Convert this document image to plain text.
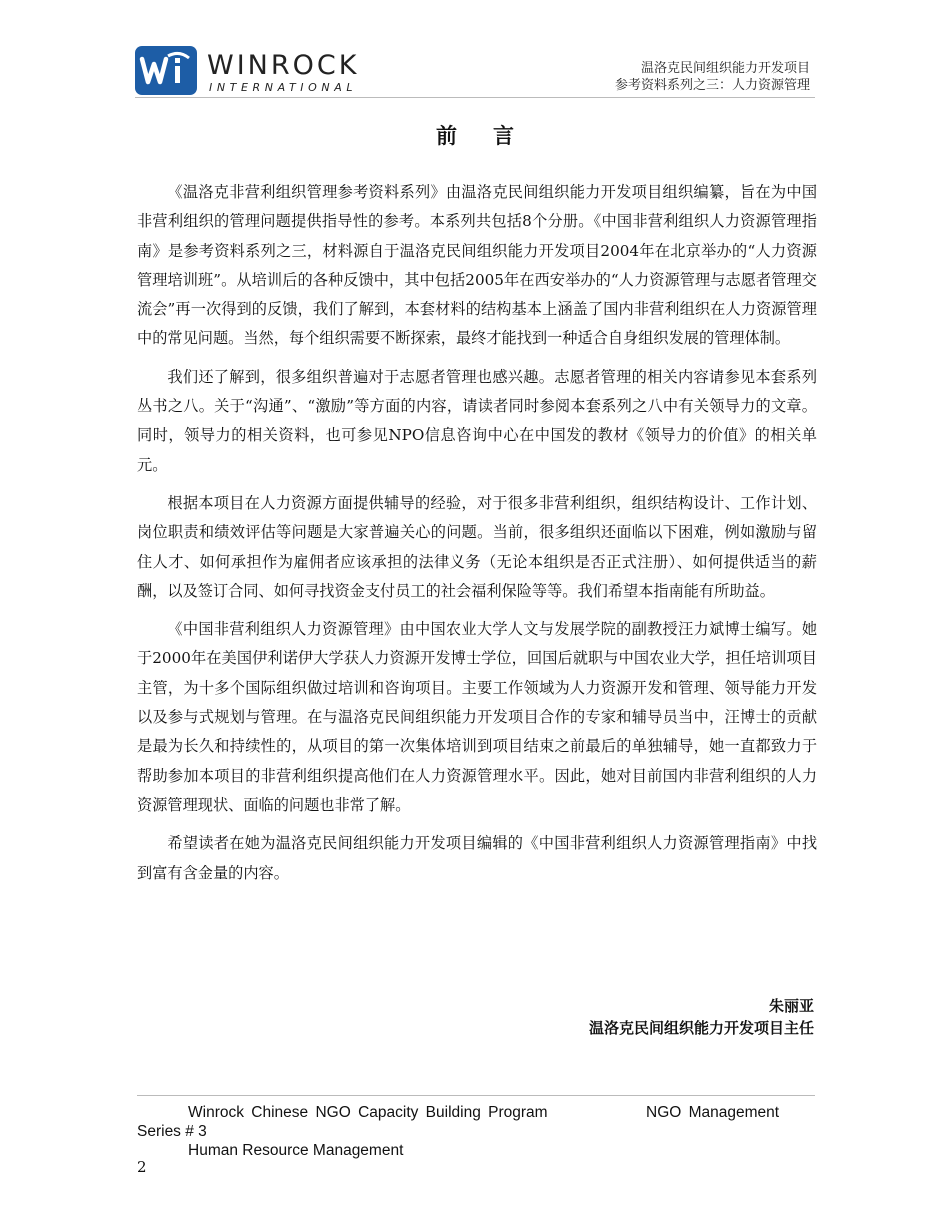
WINROCK
INTERNATIONAL
温洛克民间组织能力开发项目
参考资料系列之三：人力资源管理
前言

《温洛克非营利组织管理参考资料系列》由温洛克民间组织能力开发项目组织编纂，旨在为中国非营利组织的管理问题提供指导性的参考。本系列共包括8个分册。《中国非营利组织人力资源管理指南》是参考资料系列之三，材料源自于温洛克民间组织能力开发项目2004年在北京举办的“人力资源管理培训班”。从培训后的各种反馈中，其中包括2005年在西安举办的“人力资源管理与志愿者管理交流会”再一次得到的反馈，我们了解到，本套材料的结构基本上涵盖了国内非营利组织在人力资源管理中的常见问题。当然，每个组织需要不断探索，最终才能找到一种适合自身组织发展的管理体制。

我们还了解到，很多组织普遍对于志愿者管理也感兴趣。志愿者管理的相关内容请参见本套系列丛书之八。关于“沟通”、“激励”等方面的内容，请读者同时参阅本套系列之八中有关领导力的文章。同时，领导力的相关资料，也可参见NPO信息咨询中心在中国发的教材《领导力的价值》的相关单元。

根据本项目在人力资源方面提供辅导的经验，对于很多非营利组织，组织结构设计、工作计划、岗位职责和绩效评估等问题是大家普遍关心的问题。当前，很多组织还面临以下困难，例如激励与留住人才、如何承担作为雇佣者应该承担的法律义务（无论本组织是否正式注册）、如何提供适当的薪酬，以及签订合同、如何寻找资金支付员工的社会福利保险等等。我们希望本指南能有所助益。

《中国非营利组织人力资源管理》由中国农业大学人文与发展学院的副教授汪力斌博士编写。她于2000年在美国伊利诺伊大学获人力资源开发博士学位，回国后就职与中国农业大学，担任培训项目主管，为十多个国际组织做过培训和咨询项目。主要工作领域为人力资源开发和管理、领导能力开发以及参与式规划与管理。在与温洛克民间组织能力开发项目合作的专家和辅导员当中，汪博士的贡献是最为长久和持续性的，从项目的第一次集体培训到项目结束之前最后的单独辅导，她一直都致力于帮助参加本项目的非营利组织提高他们在人力资源管理水平。因此，她对目前国内非营利组织的人力资源管理现状、面临的问题也非常了解。

希望读者在她为温洛克民间组织能力开发项目编辑的《中国非营利组织人力资源管理指南》中找到富有含金量的内容。

朱丽亚
温洛克民间组织能力开发项目主任
Winrock Chinese NGO Capacity Building Program	NGO Management
Series # 3
Human Resource Management
2
